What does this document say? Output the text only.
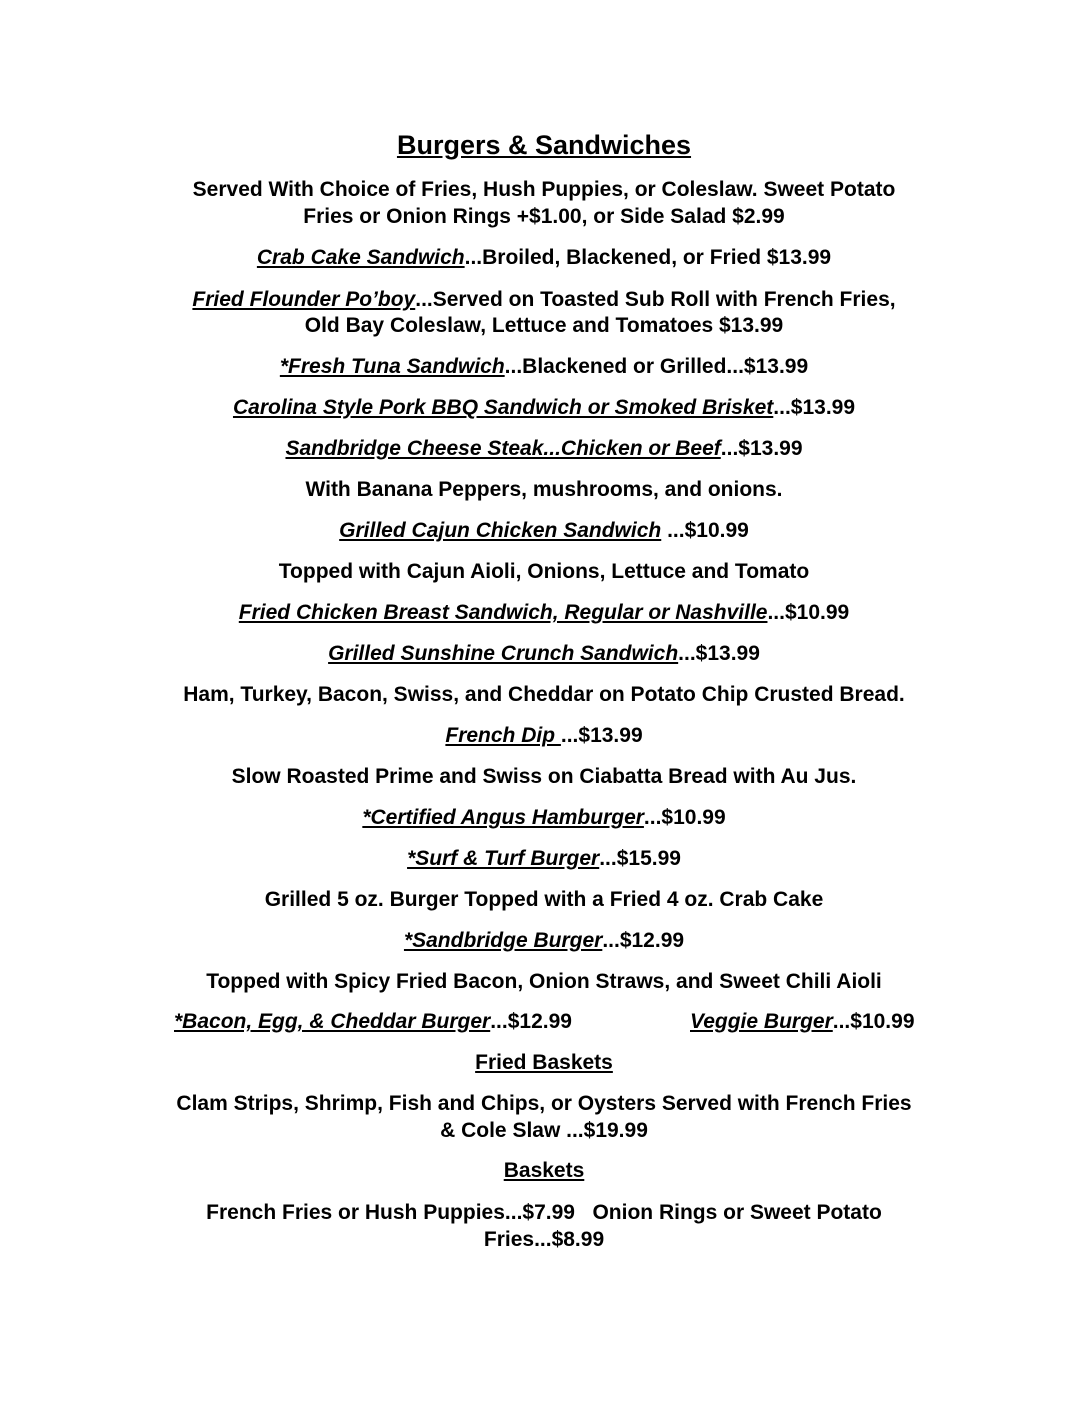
Burgers & Sandwiches
Served With Choice of Fries, Hush Puppies, or Coleslaw. Sweet Potato
Fries or Onion Rings +$1.00, or Side Salad $2.99
Crab Cake Sandwich...Broiled, Blackened, or Fried $13.99
Fried Flounder Po’boy...Served on Toasted Sub Roll with French Fries,
Old Bay Coleslaw, Lettuce and Tomatoes $13.99
*Fresh Tuna Sandwich...Blackened or Grilled...$13.99
Carolina Style Pork BBQ Sandwich or Smoked Brisket...$13.99
Sandbridge Cheese Steak...Chicken or Beef...$13.99
With Banana Peppers, mushrooms, and onions.
Grilled Cajun Chicken Sandwich ...$10.99
Topped with Cajun Aioli, Onions, Lettuce and Tomato
Fried Chicken Breast Sandwich, Regular or Nashville...$10.99
Grilled Sunshine Crunch Sandwich...$13.99
Ham, Turkey, Bacon, Swiss, and Cheddar on Potato Chip Crusted Bread.
French Dip ...$13.99
Slow Roasted Prime and Swiss on Ciabatta Bread with Au Jus.
*Certified Angus Hamburger...$10.99
*Surf & Turf Burger...$15.99
Grilled 5 oz. Burger Topped with a Fried 4 oz. Crab Cake
*Sandbridge Burger...$12.99
Topped with Spicy Fried Bacon, Onion Straws, and Sweet Chili Aioli
*Bacon, Egg, & Cheddar Burger...$12.99	Veggie Burger...$10.99
Fried Baskets
Clam Strips, Shrimp, Fish and Chips, or Oysters Served with French Fries
& Cole Slaw ...$19.99
Baskets
French Fries or Hush Puppies...$7.99   Onion Rings or Sweet Potato
Fries...$8.99
